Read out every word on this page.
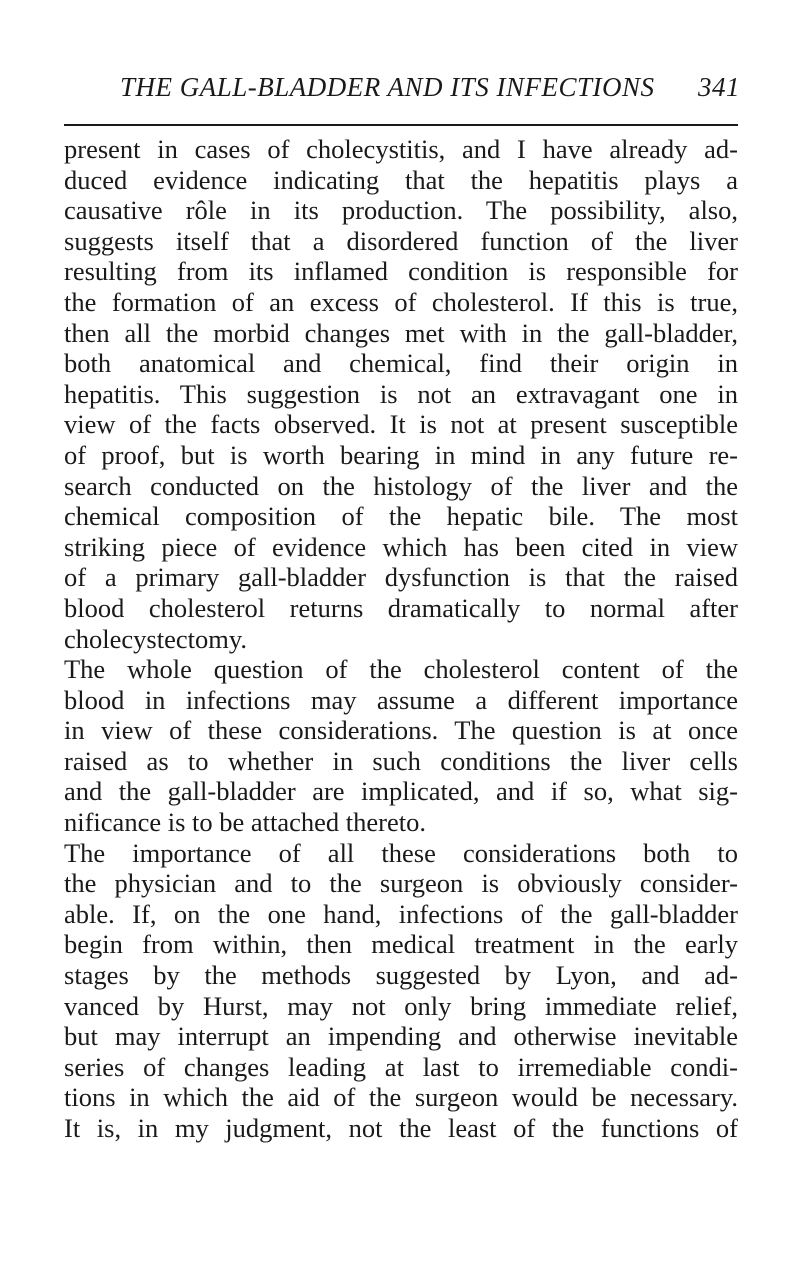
THE GALL-BLADDER AND ITS INFECTIONS 341
present in cases of cholecystitis, and I have already ad-
duced evidence indicating that the hepatitis plays a
causative rôle in its production. The possibility, also,
suggests itself that a disordered function of the liver
resulting from its inflamed condition is responsible for
the formation of an excess of cholesterol. If this is true,
then all the morbid changes met with in the gall-bladder,
both anatomical and chemical, find their origin in
hepatitis. This suggestion is not an extravagant one in
view of the facts observed. It is not at present susceptible
of proof, but is worth bearing in mind in any future re-
search conducted on the histology of the liver and the
chemical composition of the hepatic bile. The most
striking piece of evidence which has been cited in view
of a primary gall-bladder dysfunction is that the raised
blood cholesterol returns dramatically to normal after
cholecystectomy.
The whole question of the cholesterol content of the
blood in infections may assume a different importance
in view of these considerations. The question is at once
raised as to whether in such conditions the liver cells
and the gall-bladder are implicated, and if so, what sig-
nificance is to be attached thereto.
The importance of all these considerations both to
the physician and to the surgeon is obviously consider-
able. If, on the one hand, infections of the gall-bladder
begin from within, then medical treatment in the early
stages by the methods suggested by Lyon, and ad-
vanced by Hurst, may not only bring immediate relief,
but may interrupt an impending and otherwise inevitable
series of changes leading at last to irremediable condi-
tions in which the aid of the surgeon would be necessary.
It is, in my judgment, not the least of the functions of
